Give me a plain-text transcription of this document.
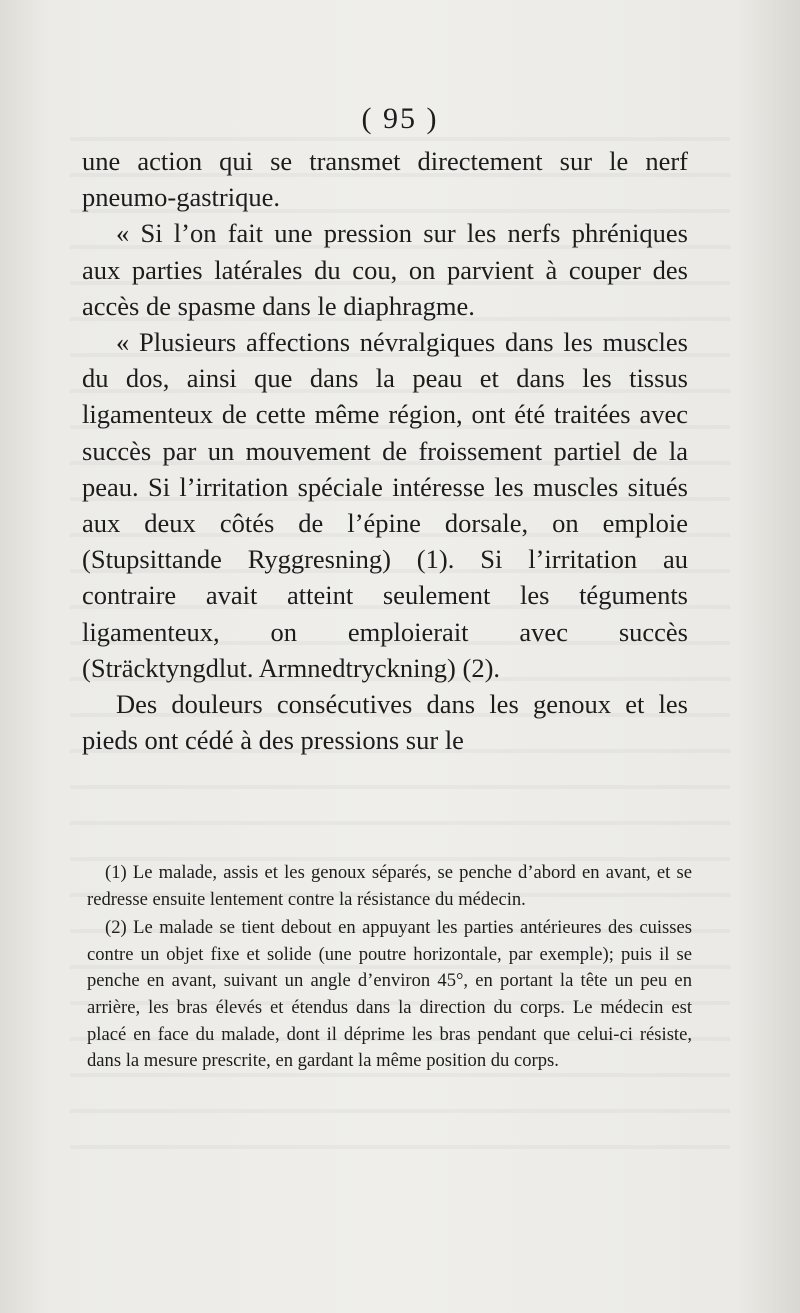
( 95 )

une action qui se transmet directement sur le nerf pneumo-gastrique.

« Si l’on fait une pression sur les nerfs phréniques aux parties latérales du cou, on parvient à couper des accès de spasme dans le diaphragme.

« Plusieurs affections névralgiques dans les muscles du dos, ainsi que dans la peau et dans les tissus ligamenteux de cette même région, ont été traitées avec succès par un mouvement de froissement partiel de la peau. Si l’irritation spéciale intéresse les muscles situés aux deux côtés de l’épine dorsale, on emploie (Stupsittande Ryggresning) (1). Si l’irritation au contraire avait atteint seulement les téguments ligamenteux, on emploierait avec succès (Sträcktyngdlut. Armnedtryckning) (2).

Des douleurs consécutives dans les genoux et les pieds ont cédé à des pressions sur le

(1) Le malade, assis et les genoux séparés, se penche d’abord en avant, et se redresse ensuite lentement contre la résistance du médecin.

(2) Le malade se tient debout en appuyant les parties antérieures des cuisses contre un objet fixe et solide (une poutre horizontale, par exemple); puis il se penche en avant, suivant un angle d’environ 45°, en portant la tête un peu en arrière, les bras élevés et étendus dans la direction du corps. Le médecin est placé en face du malade, dont il déprime les bras pendant que celui-ci résiste, dans la mesure prescrite, en gardant la même position du corps.
